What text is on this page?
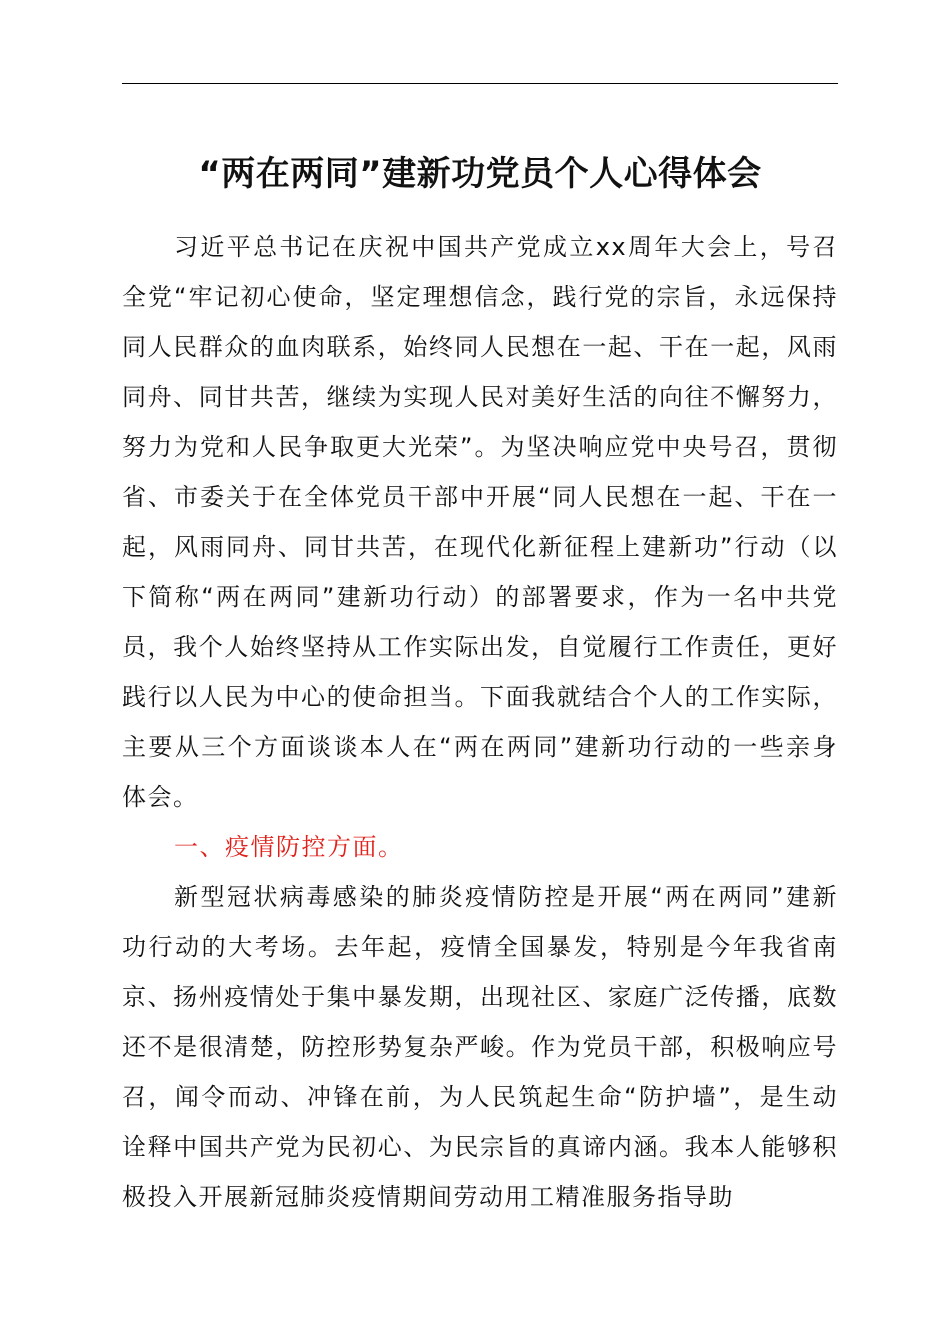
“两在两同”建新功党员个人心得体会

习近平总书记在庆祝中国共产党成立xx周年大会上，号召全党“牢记初心使命，坚定理想信念，践行党的宗旨，永远保持同人民群众的血肉联系，始终同人民想在一起、干在一起，风雨同舟、同甘共苦，继续为实现人民对美好生活的向往不懈努力，努力为党和人民争取更大光荣”。为坚决响应党中央号召，贯彻省、市委关于在全体党员干部中开展“同人民想在一起、干在一起，风雨同舟、同甘共苦，在现代化新征程上建新功”行动（以下简称“两在两同”建新功行动）的部署要求，作为一名中共党员，我个人始终坚持从工作实际出发，自觉履行工作责任，更好践行以人民为中心的使命担当。下面我就结合个人的工作实际，主要从三个方面谈谈本人在“两在两同”建新功行动的一些亲身体会。

一、疫情防控方面。

新型冠状病毒感染的肺炎疫情防控是开展“两在两同”建新功行动的大考场。去年起，疫情全国暴发，特别是今年我省南京、扬州疫情处于集中暴发期，出现社区、家庭广泛传播，底数还不是很清楚，防控形势复杂严峻。作为党员干部，积极响应号召，闻令而动、冲锋在前，为人民筑起生命“防护墙”，是生动诠释中国共产党为民初心、为民宗旨的真谛内涵。我本人能够积极投入开展新冠肺炎疫情期间劳动用工精准服务指导助
